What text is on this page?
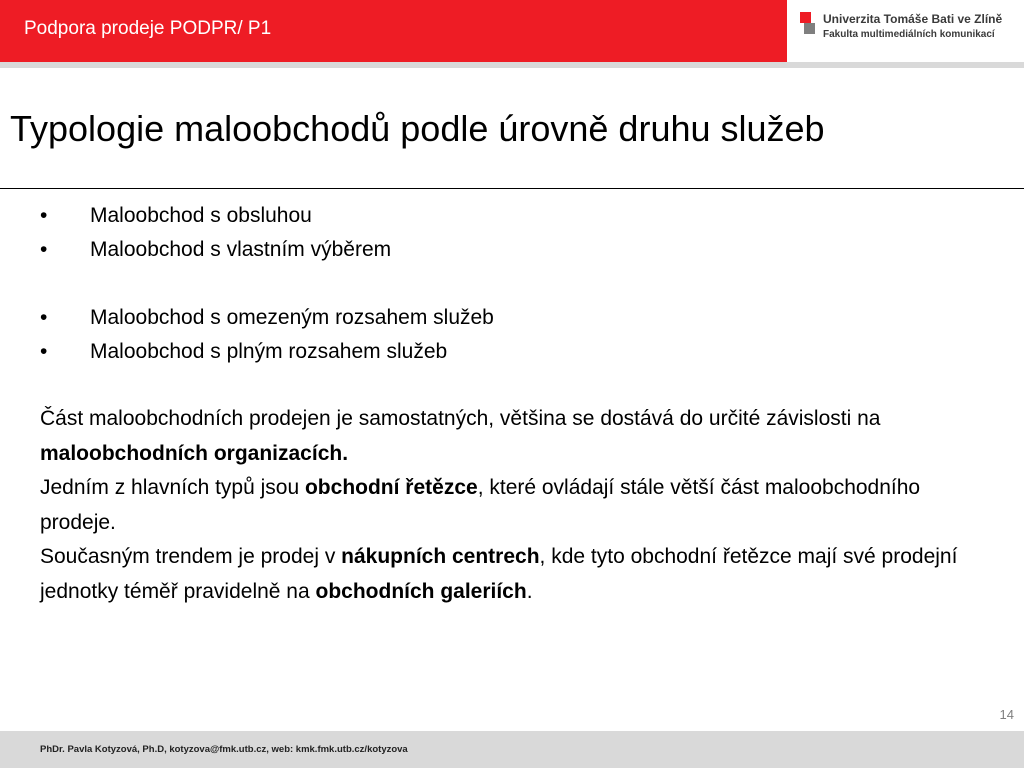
Podpora prodeje PODPR/ P1	Univerzita Tomáše Bati ve Zlíně
Fakulta multimediálních komunikací
Typologie maloobchodů podle úrovně druhu služeb
• Maloobchod s obsluhou
• Maloobchod s vlastním výběrem
• Maloobchod s omezeným rozsahem služeb
• Maloobchod s plným rozsahem služeb
Část maloobchodních prodejen je samostatných, většina se dostává do určité závislosti na maloobchodních organizacích.
Jedním z hlavních typů jsou obchodní řetězce, které ovládají stále větší část maloobchodního prodeje.
Současným trendem je prodej v nákupních centrech, kde tyto obchodní řetězce mají své prodejní jednotky téměř pravidelně na obchodních galeriích.
14
PhDr. Pavla Kotyzová, Ph.D, kotyzova@fmk.utb.cz, web: kmk.fmk.utb.cz/kotyzova
